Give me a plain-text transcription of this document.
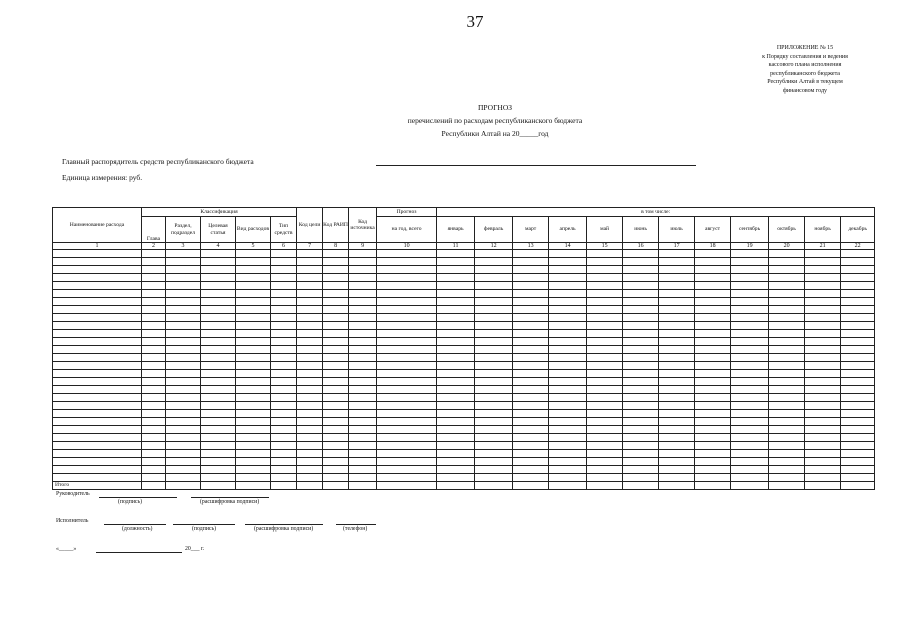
37
ПРИЛОЖЕНИЕ № 15
к Порядку составления и ведения
кассового плана исполнения
республиканского бюджета
Республики Алтай в текущем
финансовом году
ПРОГНОЗ
перечислений по расходам республиканского бюджета
Республики Алтай на 20_____год
Главный распорядитель средств республиканского бюджета
Единица измерения: руб.
Наименование расхода	Классификация					Код цели	Код РАИП	Код источника	Прогноз	в том числе:											
	Глава	Раздел, подраздел	Целевая статья	Вид расходов	Тип средств				на год, всего	январь	февраль	март	апрель	май	июнь	июль	август	сентябрь	октябрь	ноябрь	декабрь
1	2	3	4	5	6	7	8	9	10	11	12	13	14	15	16	17	18	19	20	21	22

Итого																					
Руководитель
(подпись)	(расшифровка подписи)
Исполнитель
(должность)	(подпись)	(расшифровка подписи)	(телефон)
«_____»	20___ г.
